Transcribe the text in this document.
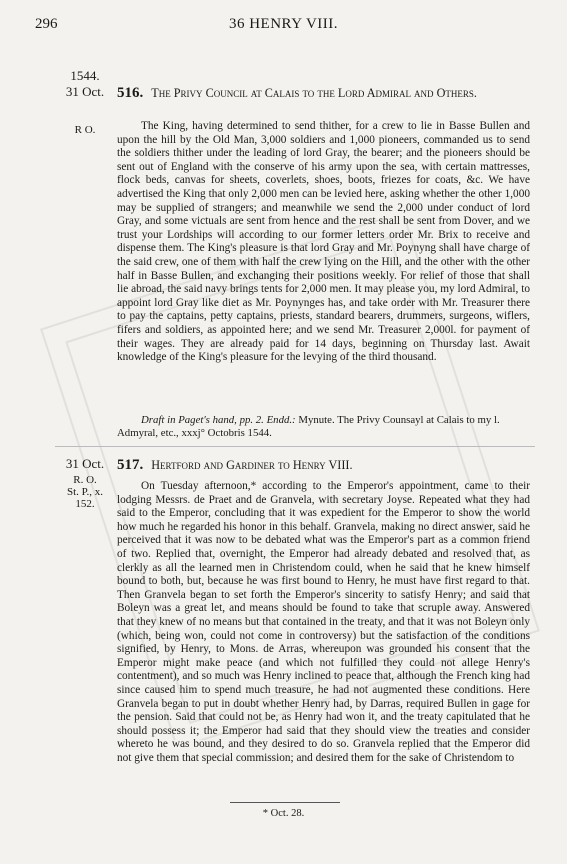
296	36 HENRY VIII.
1544.
31 Oct.
R O.
516. The Privy Council at Calais to the Lord Admiral and Others.

The King, having determined to send thither, for a crew to lie in Basse Bullen and upon the hill by the Old Man, 3,000 soldiers and 1,000 pioneers, commanded us to send the soldiers thither under the leading of lord Gray, the bearer; and the pioneers should be sent out of England with the conserve of his army upon the sea, with certain mattresses, flock beds, canvas for sheets, coverlets, shoes, boots, friezes for coats, &c. We have advertised the King that only 2,000 men can be levied here, asking whether the other 1,000 may be supplied of strangers; and meanwhile we send the 2,000 under conduct of lord Gray, and some victuals are sent from hence and the rest shall be sent from Dover, and we trust your Lordships will according to our former letters order Mr. Brix to receive and dispense them. The King's pleasure is that lord Gray and Mr. Poynyng shall have charge of the said crew, one of them with half the crew lying on the Hill, and the other with the other half in Basse Bullen, and exchanging their positions weekly. For relief of those that shall lie abroad, the said navy brings tents for 2,000 men. It may please you, my lord Admiral, to appoint lord Gray like diet as Mr. Poynynges has, and take order with Mr. Treasurer there to pay the captains, petty captains, priests, standard bearers, drummers, surgeons, wiflers, fifers and soldiers, as appointed here; and we send Mr. Treasurer 2,000l. for payment of their wages. They are already paid for 14 days, beginning on Thursday last. Await knowledge of the King's pleasure for the levying of the third thousand.

Draft in Paget's hand, pp. 2. Endd.: Mynute. The Privy Counsayl at Calais to my l. Admyral, etc., xxxj° Octobris 1544.

31 Oct.
R. O.
St. P., x. 152.
517. Hertford and Gardiner to Henry VIII.

On Tuesday afternoon,* according to the Emperor's appointment, came to their lodging Messrs. de Praet and de Granvela, with secretary Joyse. Repeated what they had said to the Emperor, concluding that it was expedient for the Emperor to show the world how much he regarded his honor in this behalf. Granvela, making no direct answer, said he perceived that it was now to be debated what was the Emperor's part as a common friend of two. Replied that, overnight, the Emperor had already debated and resolved that, as clerkly as all the learned men in Christendom could, when he said that he knew himself bound to both, but, because he was first bound to Henry, he must have first regard to that. Then Granvela began to set forth the Emperor's sincerity to satisfy Henry; and said that Boleyn was a great let, and means should be found to take that scruple away. Answered that they knew of no means but that contained in the treaty, and that it was not Boleyn only (which, being won, could not come in controversy) but the satisfaction of the conditions signified, by Henry, to Mons. de Arras, whereupon was grounded his consent that the Emperor might make peace (and which not fulfilled they could not allege Henry's contentment), and so much was Henry inclined to peace that, although the French king had since caused him to spend much treasure, he had not augmented these conditions. Here Granvela began to put in doubt whether Henry had, by Darras, required Bullen in gage for the pension. Said that could not be, as Henry had won it, and the treaty capitulated that he should possess it; the Emperor had said that they should view the treaties and consider whereto he was bound, and they desired to do so. Granvela replied that the Emperor did not give them that special commission; and desired them for the sake of Christendom to

* Oct. 28.
